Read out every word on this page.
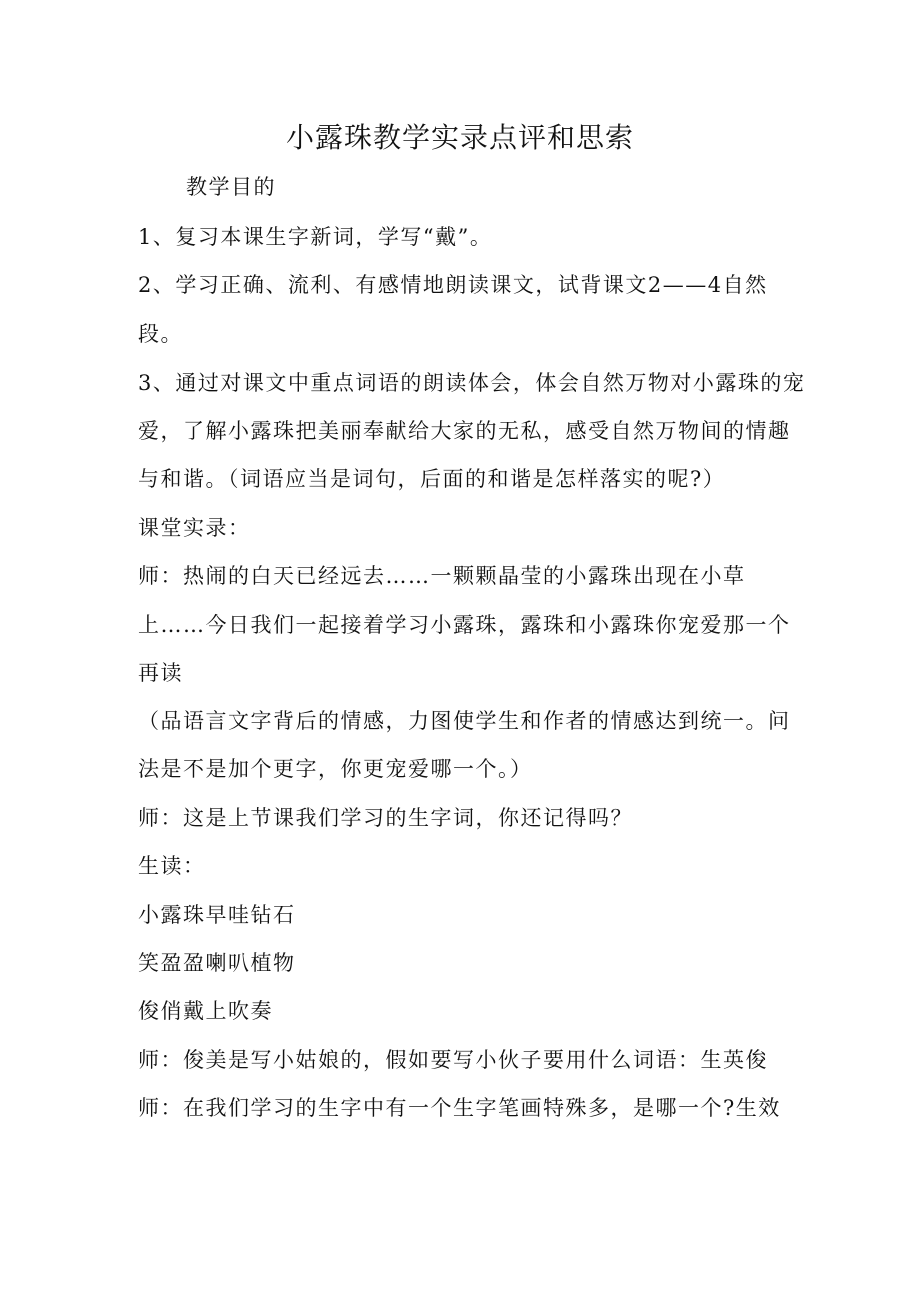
小露珠教学实录点评和思索
教学目的
1、复习本课生字新词，学写“戴”。
2、学习正确、流利、有感情地朗读课文，试背课文2——4自然
段。
3、通过对课文中重点词语的朗读体会，体会自然万物对小露珠的宠
爱，了解小露珠把美丽奉献给大家的无私，感受自然万物间的情趣
与和谐。（词语应当是词句，后面的和谐是怎样落实的呢?）
课堂实录：
师：热闹的白天已经远去……一颗颗晶莹的小露珠出现在小草
上……今日我们一起接着学习小露珠，露珠和小露珠你宠爱那一个
再读
（品语言文字背后的情感，力图使学生和作者的情感达到统一。问
法是不是加个更字，你更宠爱哪一个。）
师：这是上节课我们学习的生字词，你还记得吗？
生读：
小露珠早哇钻石
笑盈盈喇叭植物
俊俏戴上吹奏
师：俊美是写小姑娘的，假如要写小伙子要用什么词语：生英俊
师：在我们学习的生字中有一个生字笔画特殊多，是哪一个?生效
